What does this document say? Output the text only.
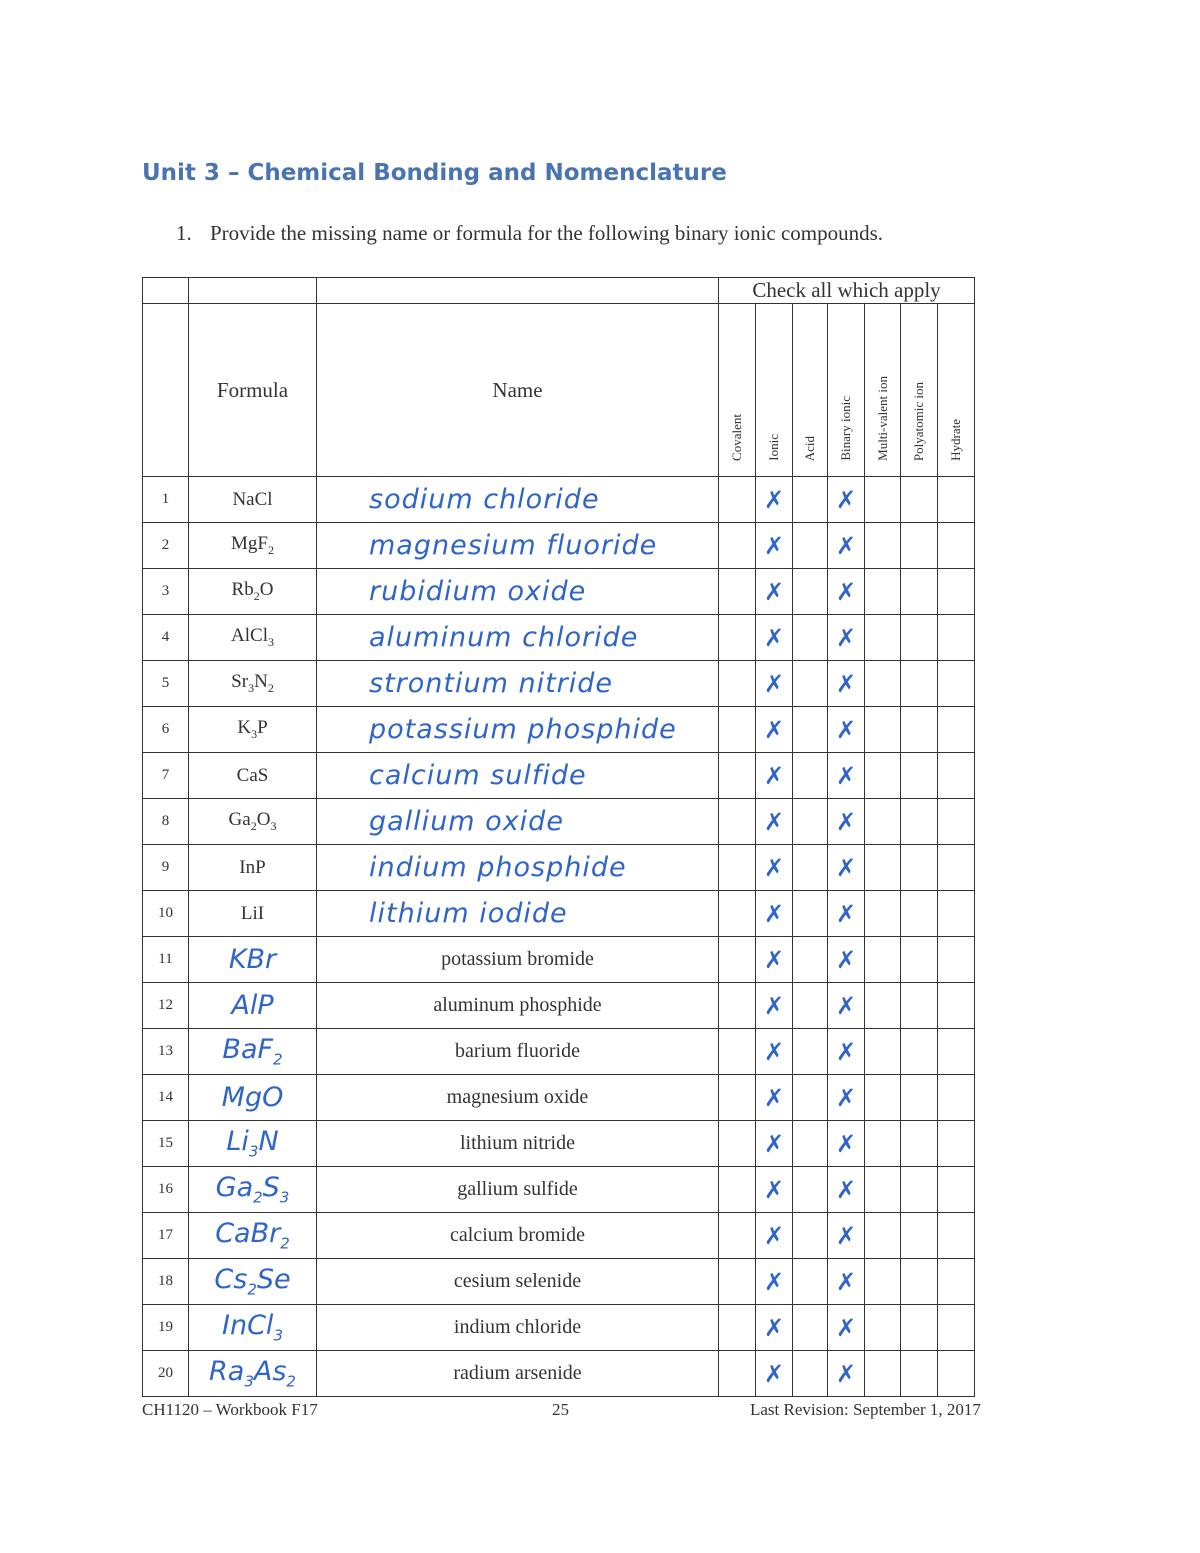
Unit 3 – Chemical Bonding and Nomenclature
1. Provide the missing name or formula for the following binary ionic compounds.
			Check all which apply						
	Formula	Name	Covalent	Ionic	Acid	Binary ionic	Multi-valent ion	Polyatomic ion	Hydrate
1	NaCl	sodium chloride		✗		✗			
2	MgF$_2$	magnesium fluoride		✗		✗			
3	$Rb_2O$	rubidium oxide		✗		✗			
4	AlCl$_3$	aluminum chloride		✗		✗			
5	$Sr_3N_2$	strontium nitride		✗		✗			
6	$K_3P$	potassium phosphide		✗		✗			
7	CaS	calcium sulfide		✗		✗			
8	$Ga_2O_3$	gallium oxide		✗		✗			
9	InP	indium phosphide		✗		✗			
10	LiI	lithium iodide		✗		✗			
11	KBr	potassium bromide		✗		✗			
12	AlP	aluminum phosphide		✗		✗			
13	BaF$_2$	barium fluoride		✗		✗			
14	MgO	magnesium oxide		✗		✗			
15	$Li_3N$	lithium nitride		✗		✗			
16	$Ga_2S_3$	gallium sulfide		✗		✗			
17	CaBr$_2$	calcium bromide		✗		✗			
18	$Cs_2Se$	cesium selenide		✗		✗			
19	InCl$_3$	indium chloride		✗		✗			
20	$Ra_3As_2$	radium arsenide		✗		✗			
CH1120 – Workbook F17	25	Last Revision: September 1, 2017
